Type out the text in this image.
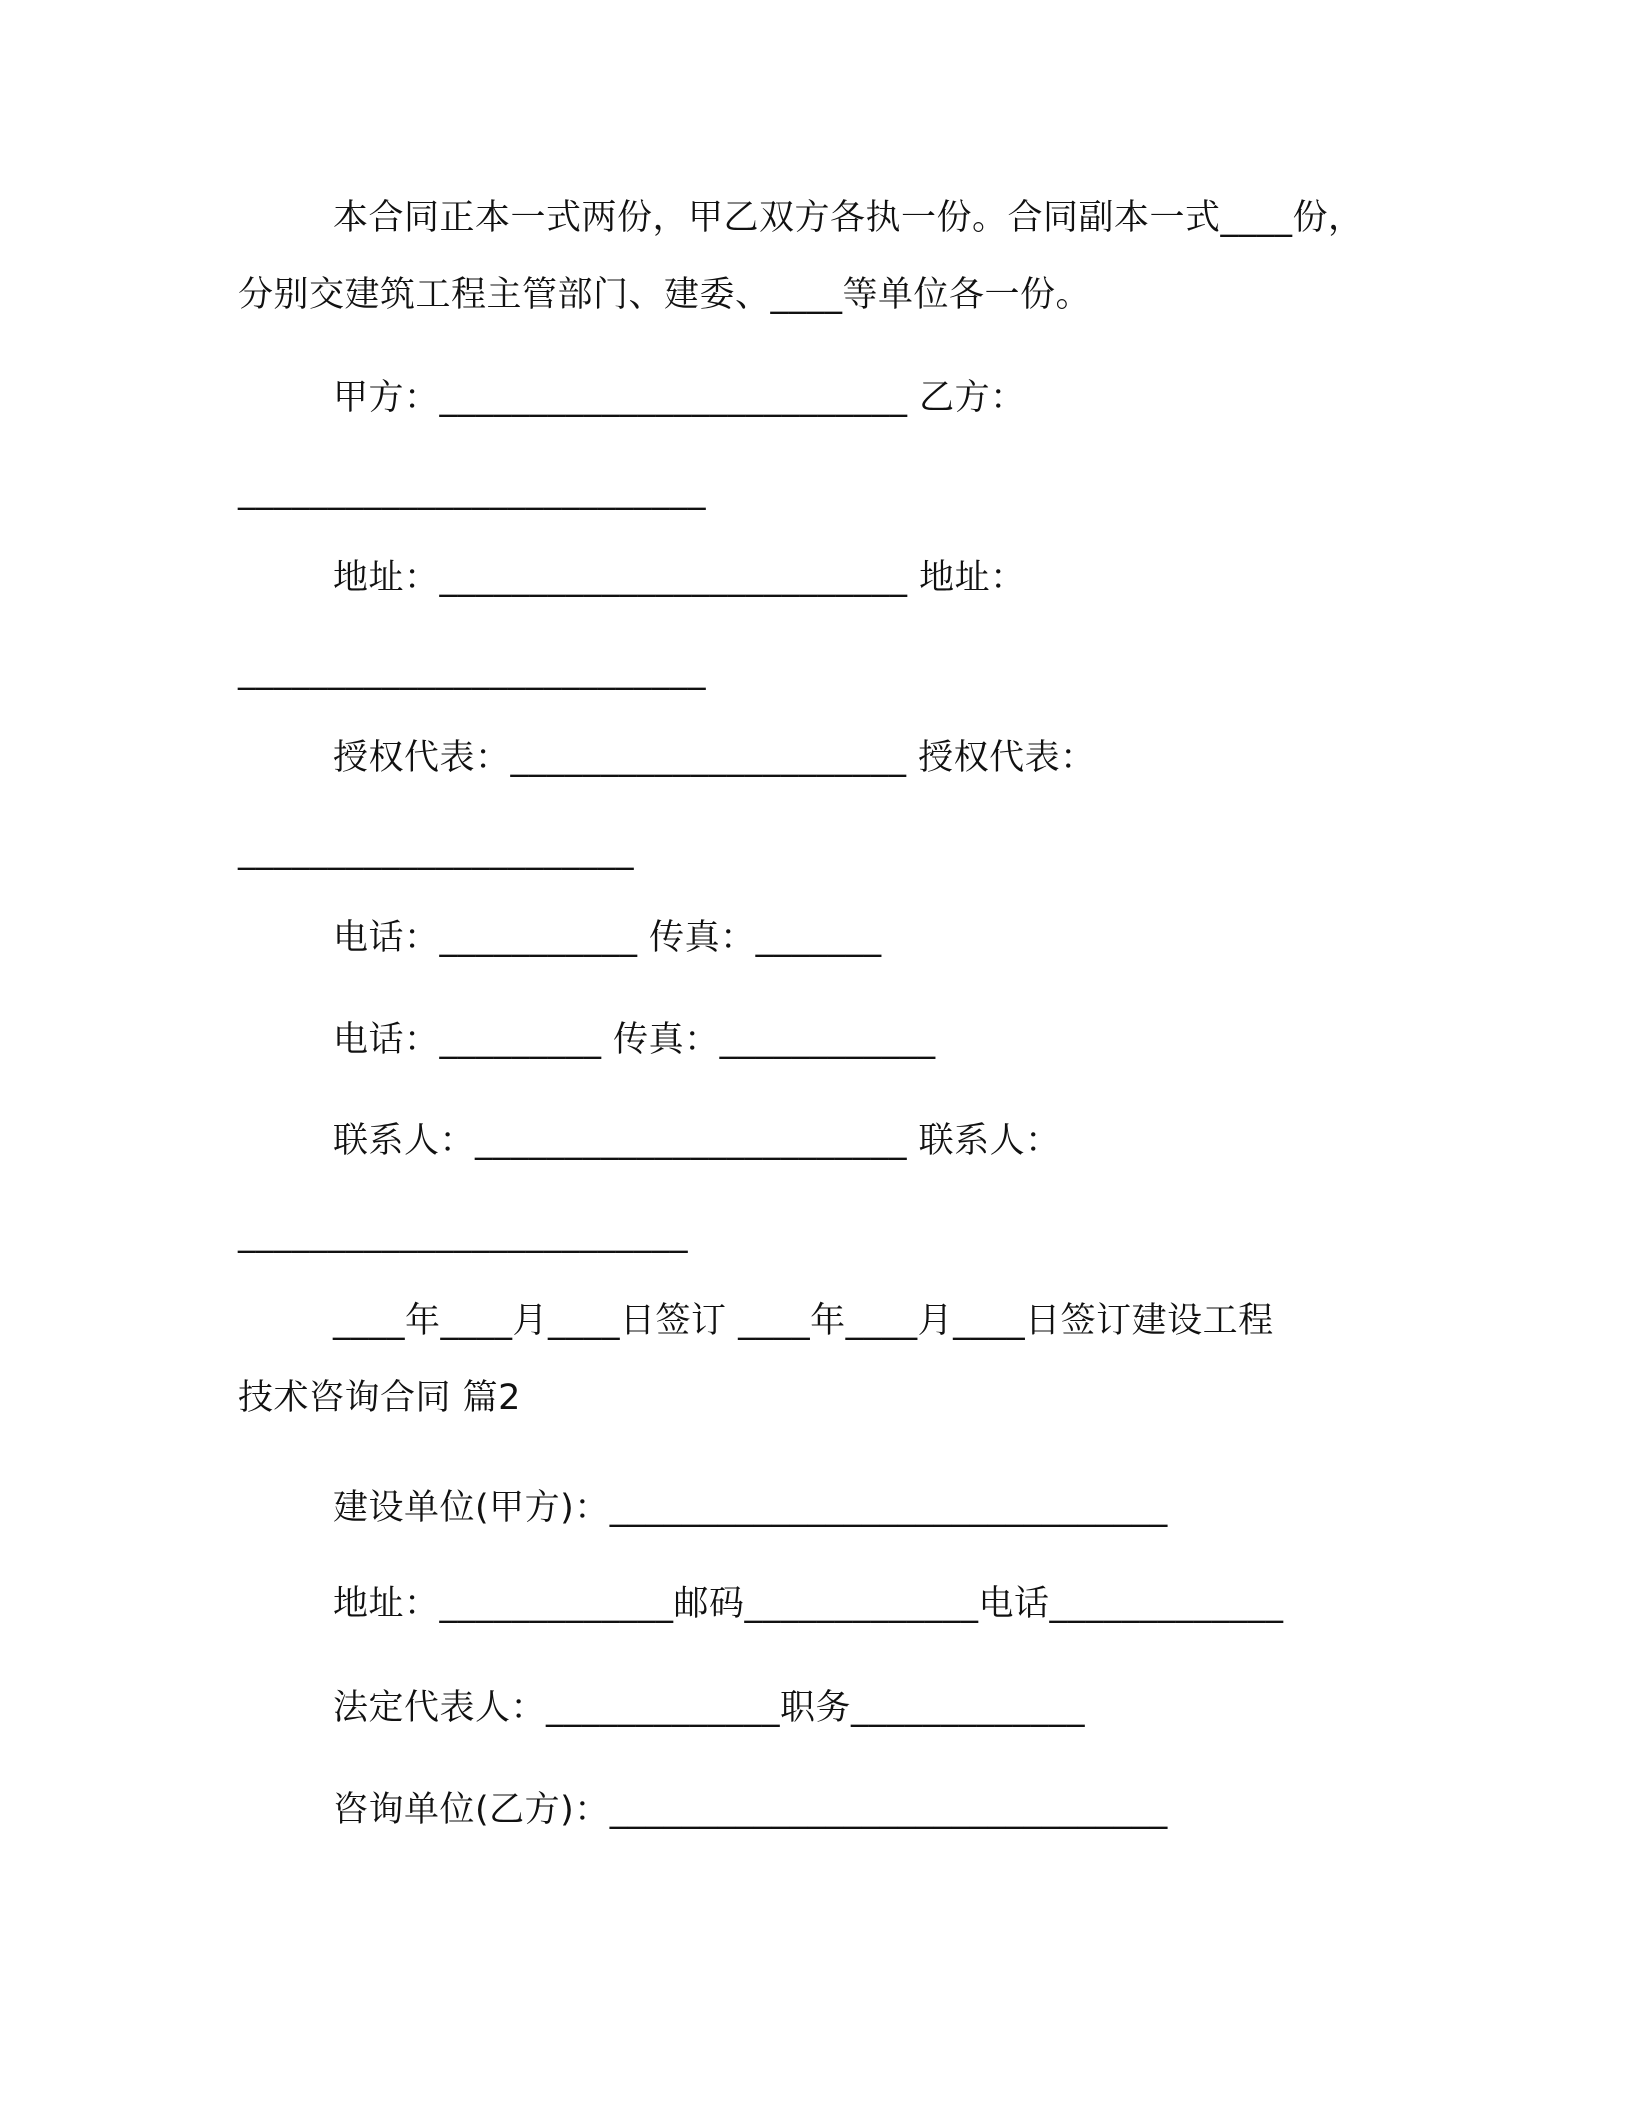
本合同正本一式两份，甲乙双方各执一份。合同副本一式____份，
分别交建筑工程主管部门、建委、____等单位各一份。
甲方：__________________________ 乙方：
__________________________
地址：__________________________ 地址：
__________________________
授权代表：______________________ 授权代表：
______________________
电话：___________ 传真：_______
电话：_________ 传真：____________
联系人：________________________ 联系人：
_________________________
____年____月____日签订 ____年____月____日签订建设工程
技术咨询合同 篇2
建设单位(甲方)：_______________________________
地址：_____________邮码_____________电话_____________
法定代表人：_____________职务_____________
咨询单位(乙方)：_______________________________
